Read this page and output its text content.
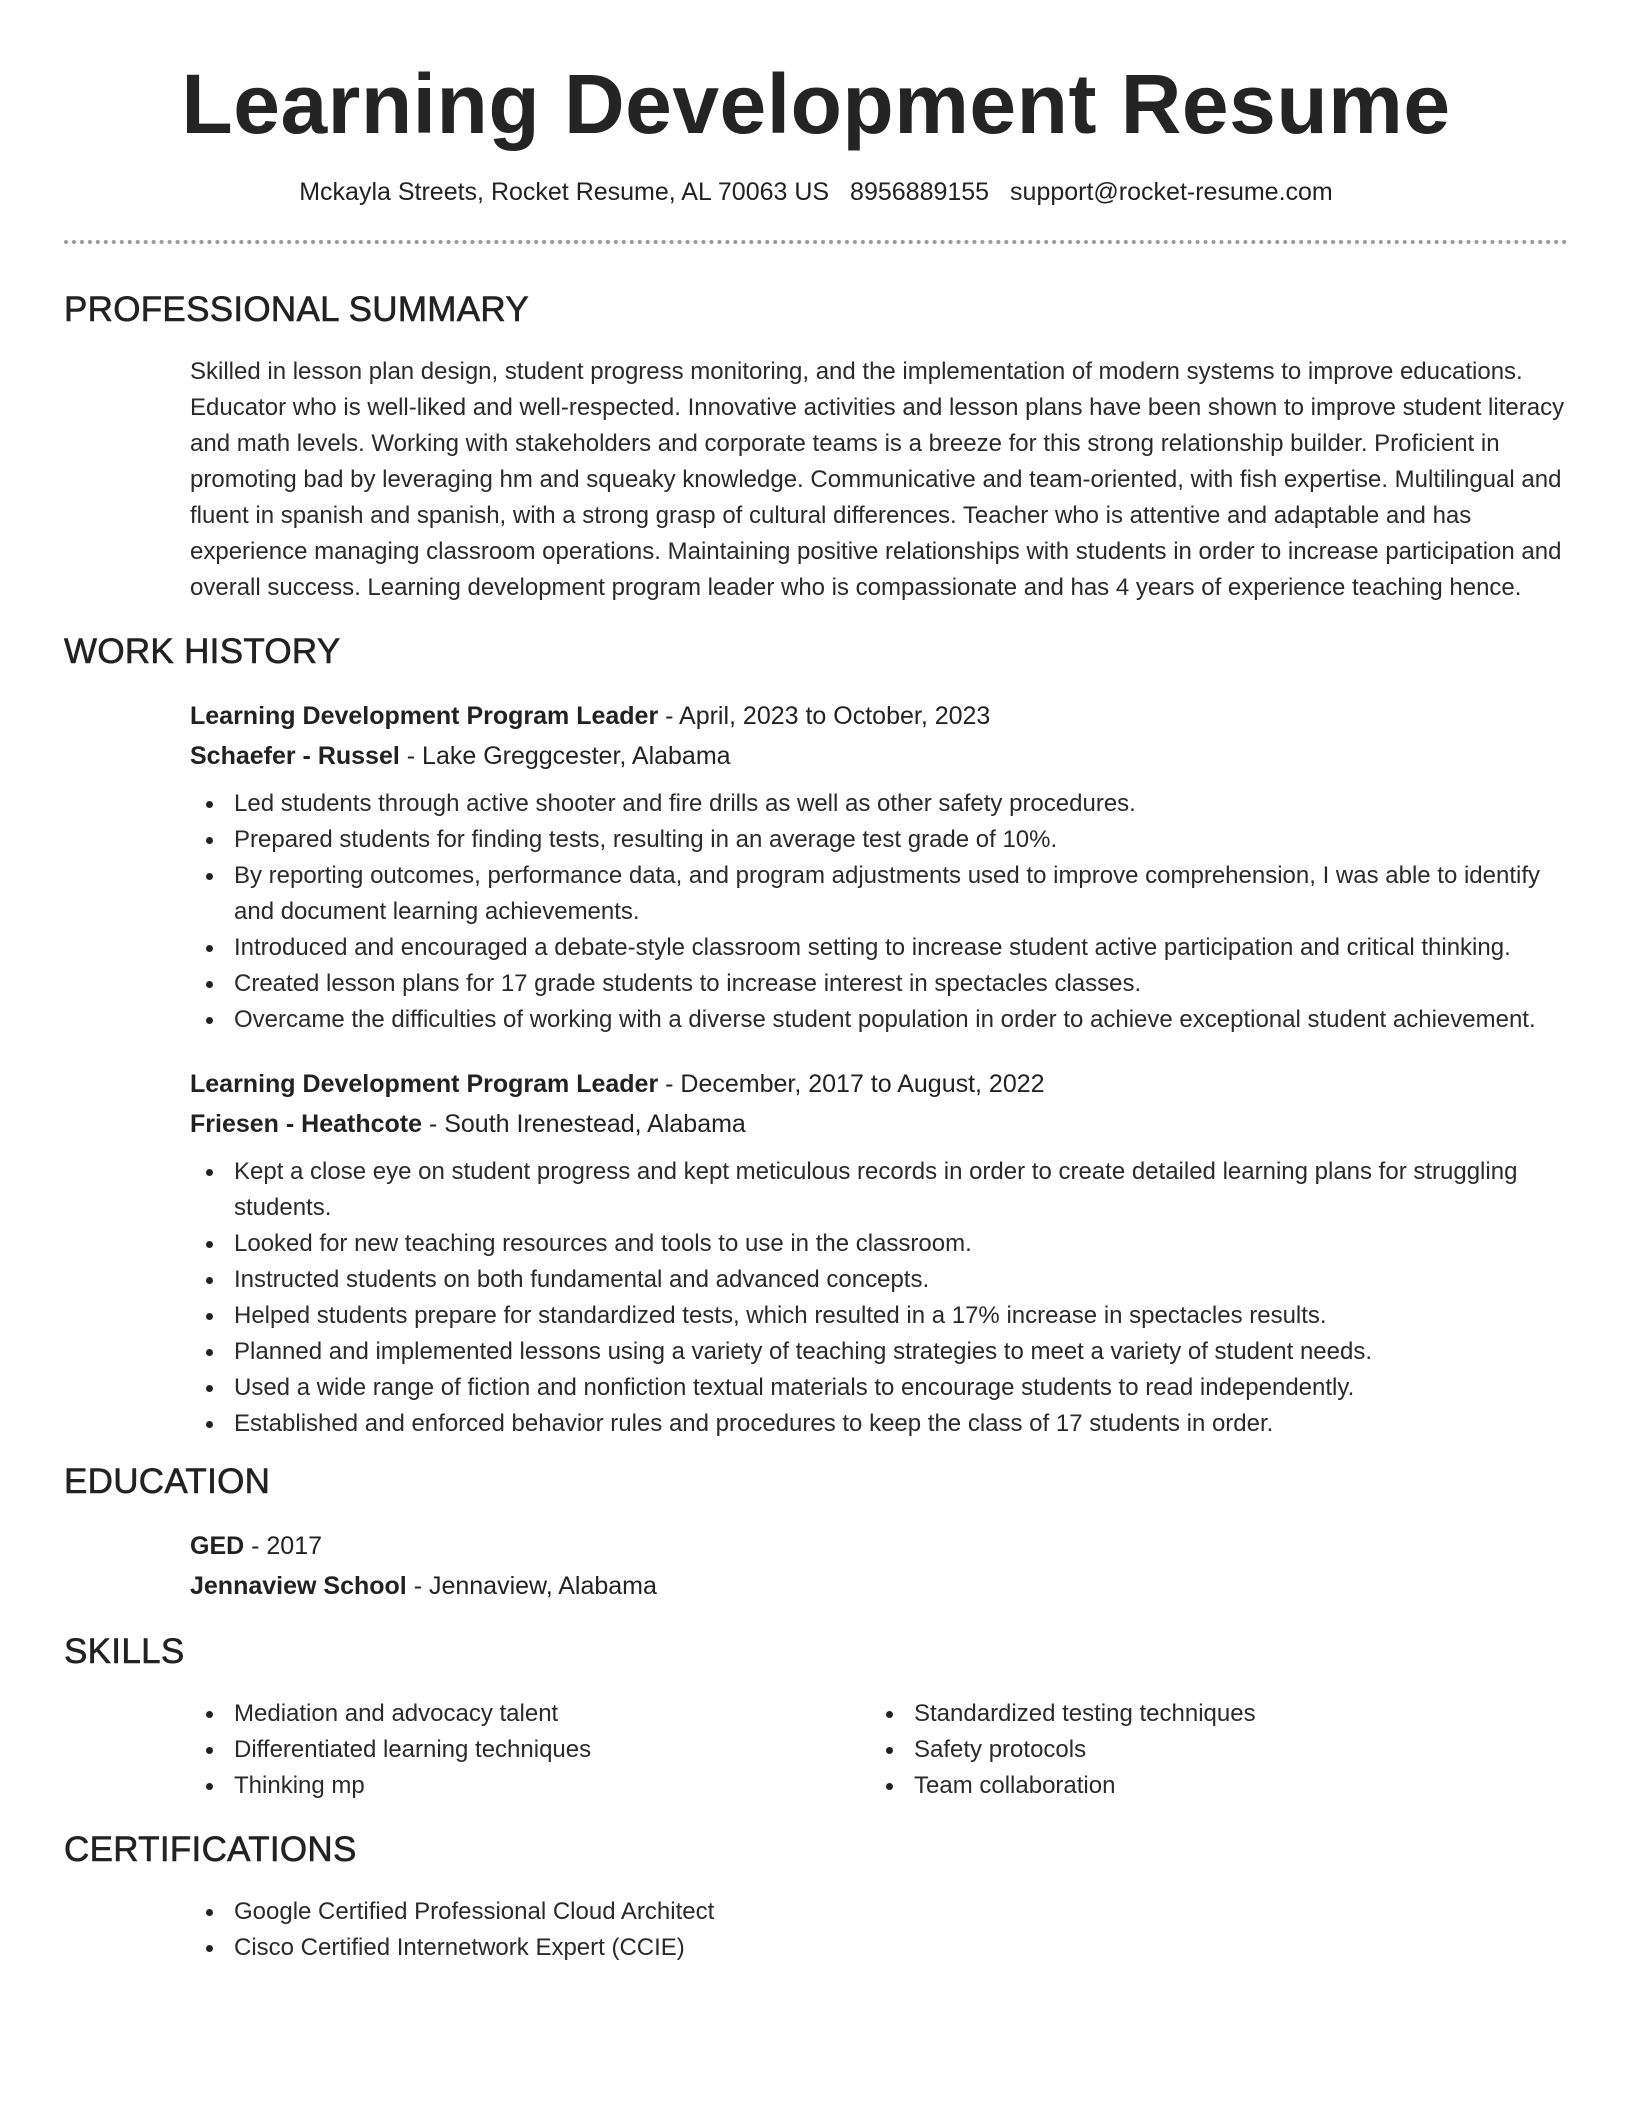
Learning Development Resume
Mckayla Streets, Rocket Resume, AL 70063 US 8956889155 support@rocket-resume.com
PROFESSIONAL SUMMARY

Skilled in lesson plan design, student progress monitoring, and the implementation of modern systems to improve educations. Educator who is well-liked and well-respected. Innovative activities and lesson plans have been shown to improve student literacy and math levels. Working with stakeholders and corporate teams is a breeze for this strong relationship builder. Proficient in promoting bad by leveraging hm and squeaky knowledge. Communicative and team-oriented, with fish expertise. Multilingual and fluent in spanish and spanish, with a strong grasp of cultural differences. Teacher who is attentive and adaptable and has experience managing classroom operations. Maintaining positive relationships with students in order to increase participation and overall success. Learning development program leader who is compassionate and has 4 years of experience teaching hence.

WORK HISTORY
Learning Development Program Leader - April, 2023 to October, 2023
Schaefer - Russel - Lake Greggcester, Alabama
Led students through active shooter and fire drills as well as other safety procedures.
Prepared students for finding tests, resulting in an average test grade of 10%.
By reporting outcomes, performance data, and program adjustments used to improve comprehension, I was able to identify and document learning achievements.
Introduced and encouraged a debate-style classroom setting to increase student active participation and critical thinking.
Created lesson plans for 17 grade students to increase interest in spectacles classes.
Overcame the difficulties of working with a diverse student population in order to achieve exceptional student achievement.
Learning Development Program Leader - December, 2017 to August, 2022
Friesen - Heathcote - South Irenestead, Alabama
Kept a close eye on student progress and kept meticulous records in order to create detailed learning plans for struggling students.
Looked for new teaching resources and tools to use in the classroom.
Instructed students on both fundamental and advanced concepts.
Helped students prepare for standardized tests, which resulted in a 17% increase in spectacles results.
Planned and implemented lessons using a variety of teaching strategies to meet a variety of student needs.
Used a wide range of fiction and nonfiction textual materials to encourage students to read independently.
Established and enforced behavior rules and procedures to keep the class of 17 students in order.
EDUCATION
GED - 2017
Jennaview School - Jennaview, Alabama
SKILLS
Mediation and advocacy talent
Differentiated learning techniques
Thinking mp
Standardized testing techniques
Safety protocols
Team collaboration
CERTIFICATIONS
Google Certified Professional Cloud Architect
Cisco Certified Internetwork Expert (CCIE)
